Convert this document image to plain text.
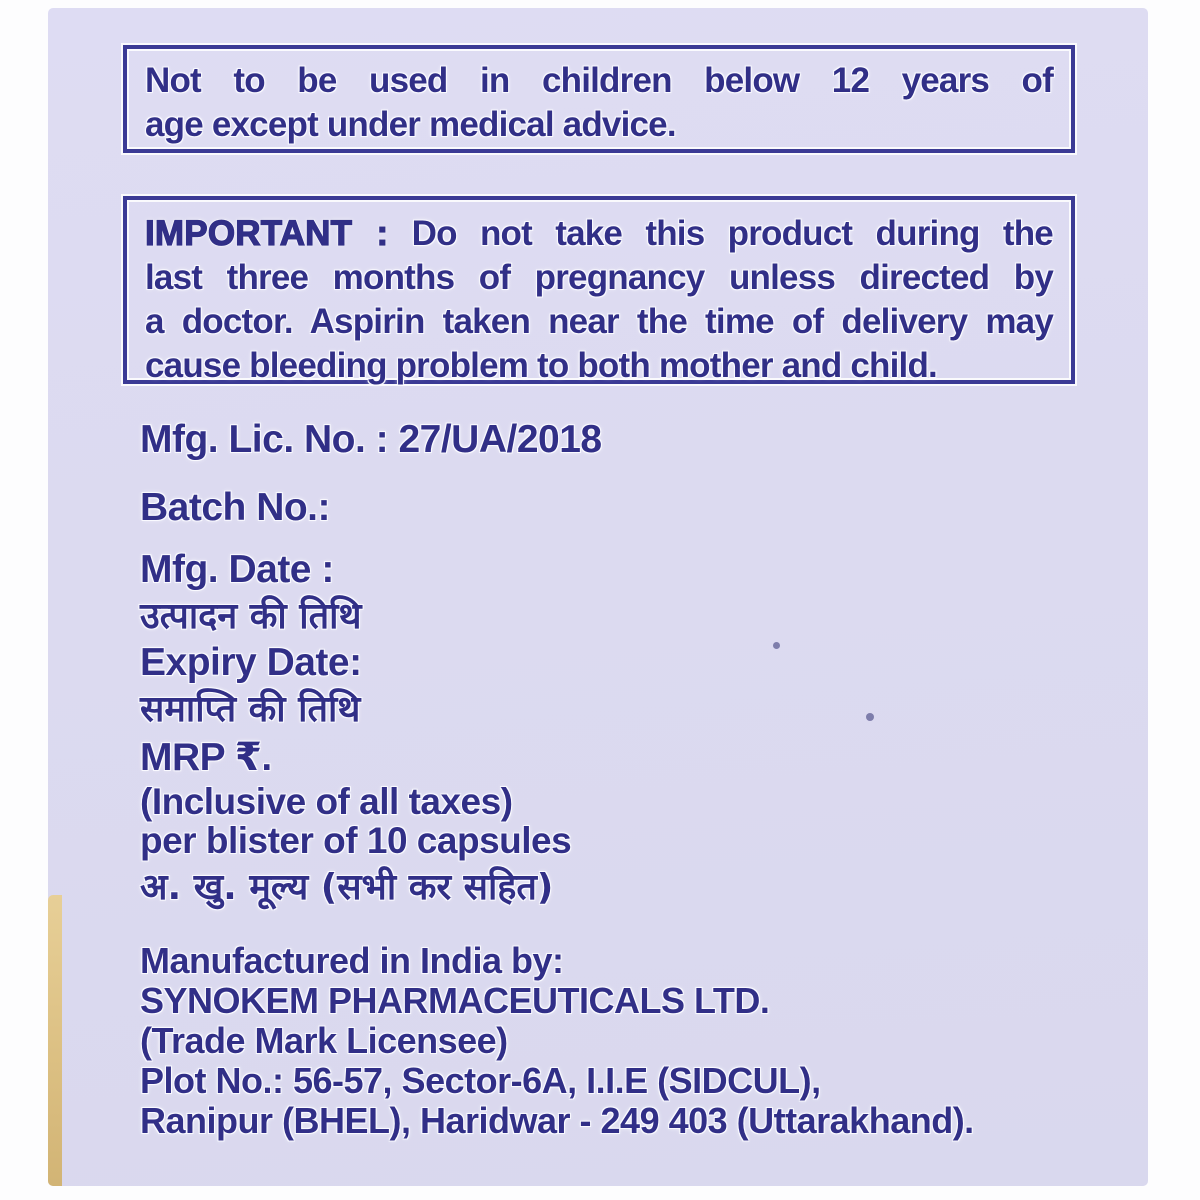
Not to be used in children below 12 years of
age except under medical advice.
IMPORTANT : Do not take this product during the
last three months of pregnancy unless directed by
a doctor. Aspirin taken near the time of delivery may
cause bleeding problem to both mother and child.
Mfg. Lic. No. : 27/UA/2018
Batch No.:
Mfg. Date :
उत्पादन की तिथि
Expiry Date:
समाप्ति की तिथि
MRP ₹.
(Inclusive of all taxes)
per blister of 10 capsules
अ. खु. मूल्य (सभी कर सहित)
Manufactured in India by:
SYNOKEM PHARMACEUTICALS LTD.
(Trade Mark Licensee)
Plot No.: 56-57, Sector-6A, I.I.E (SIDCUL),
Ranipur (BHEL), Haridwar - 249 403 (Uttarakhand).
